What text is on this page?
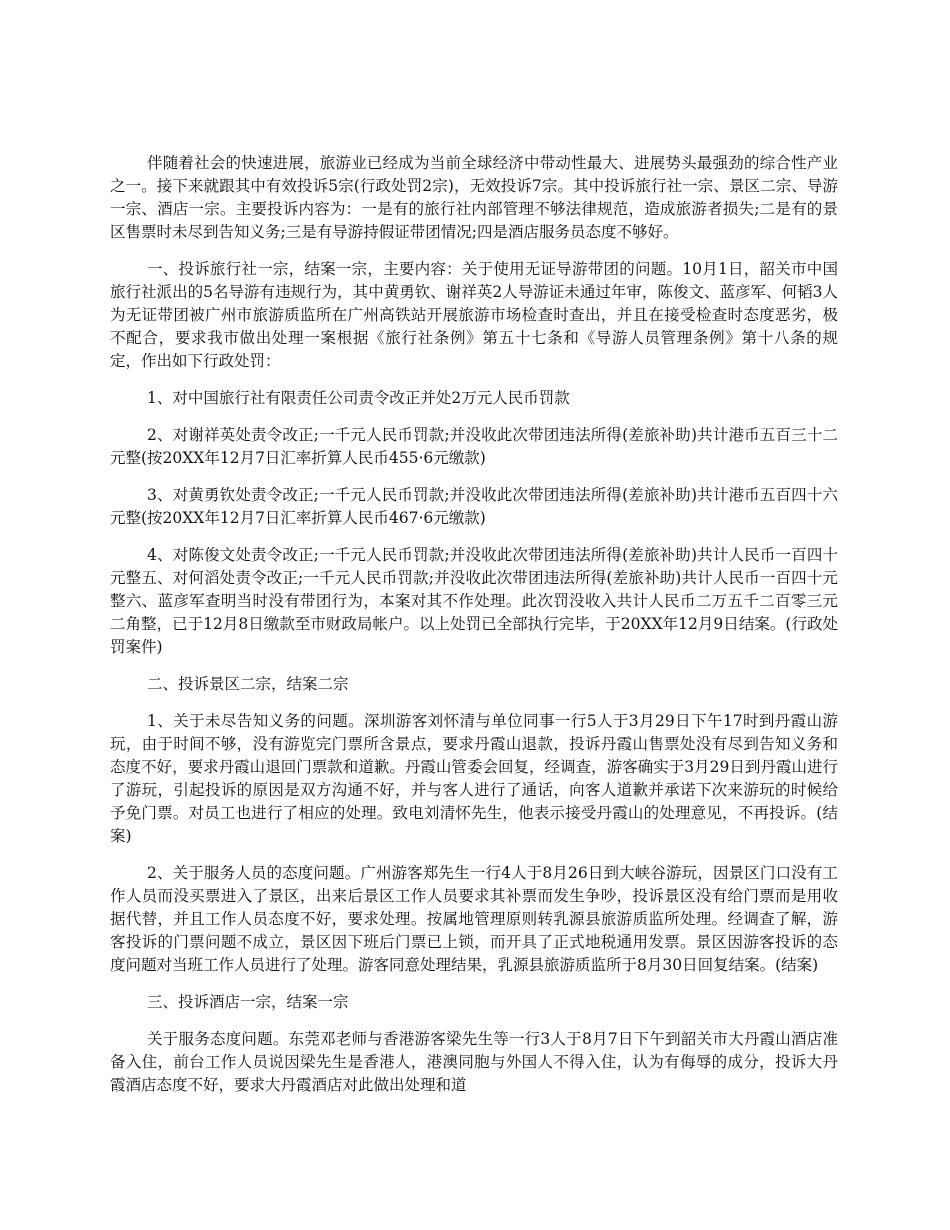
伴随着社会的快速进展，旅游业已经成为当前全球经济中带动性最大、进展势头最强劲的综合性产业之一。接下来就跟其中有效投诉5宗(行政处罚2宗)，无效投诉7宗。其中投诉旅行社一宗、景区二宗、导游一宗、酒店一宗。主要投诉内容为：一是有的旅行社内部管理不够法律规范，造成旅游者损失;二是有的景区售票时未尽到告知义务;三是有导游持假证带团情况;四是酒店服务员态度不够好。

一、投诉旅行社一宗，结案一宗，主要内容：关于使用无证导游带团的问题。10月1日，韶关市中国旅行社派出的5名导游有违规行为，其中黄勇钦、谢祥英2人导游证未通过年审，陈俊文、蓝彦军、何韬3人为无证带团被广州市旅游质监所在广州高铁站开展旅游市场检查时查出，并且在接受检查时态度恶劣，极不配合，要求我市做出处理一案根据《旅行社条例》第五十七条和《导游人员管理条例》第十八条的规定，作出如下行政处罚：

1、对中国旅行社有限责任公司责令改正并处2万元人民币罚款

2、对谢祥英处责令改正;一千元人民币罚款;并没收此次带团违法所得(差旅补助)共计港币五百三十二元整(按20XX年12月7日汇率折算人民币455·6元缴款)

3、对黄勇钦处责令改正;一千元人民币罚款;并没收此次带团违法所得(差旅补助)共计港币五百四十六元整(按20XX年12月7日汇率折算人民币467·6元缴款)

4、对陈俊文处责令改正;一千元人民币罚款;并没收此次带团违法所得(差旅补助)共计人民币一百四十元整五、对何滔处责令改正;一千元人民币罚款;并没收此次带团违法所得(差旅补助)共计人民币一百四十元整六、蓝彦军查明当时没有带团行为，本案对其不作处理。此次罚没收入共计人民币二万五千二百零三元二角整，已于12月8日缴款至市财政局帐户。以上处罚已全部执行完毕，于20XX年12月9日结案。(行政处罚案件)

二、投诉景区二宗，结案二宗

1、关于未尽告知义务的问题。深圳游客刘怀清与单位同事一行5人于3月29日下午17时到丹霞山游玩，由于时间不够，没有游览完门票所含景点，要求丹霞山退款，投诉丹霞山售票处没有尽到告知义务和态度不好，要求丹霞山退回门票款和道歉。丹霞山管委会回复，经调查，游客确实于3月29日到丹霞山进行了游玩，引起投诉的原因是双方沟通不好，并与客人进行了通话，向客人道歉并承诺下次来游玩的时候给予免门票。对员工也进行了相应的处理。致电刘清怀先生，他表示接受丹霞山的处理意见，不再投诉。(结案)

2、关于服务人员的态度问题。广州游客郑先生一行4人于8月26日到大峡谷游玩，因景区门口没有工作人员而没买票进入了景区，出来后景区工作人员要求其补票而发生争吵，投诉景区没有给门票而是用收据代替，并且工作人员态度不好，要求处理。按属地管理原则转乳源县旅游质监所处理。经调查了解，游客投诉的门票问题不成立，景区因下班后门票已上锁，而开具了正式地税通用发票。景区因游客投诉的态度问题对当班工作人员进行了处理。游客同意处理结果，乳源县旅游质监所于8月30日回复结案。(结案)

三、投诉酒店一宗，结案一宗

关于服务态度问题。东莞邓老师与香港游客梁先生等一行3人于8月7日下午到韶关市大丹霞山酒店准备入住，前台工作人员说因梁先生是香港人，港澳同胞与外国人不得入住，认为有侮辱的成分，投诉大丹霞酒店态度不好，要求大丹霞酒店对此做出处理和道
